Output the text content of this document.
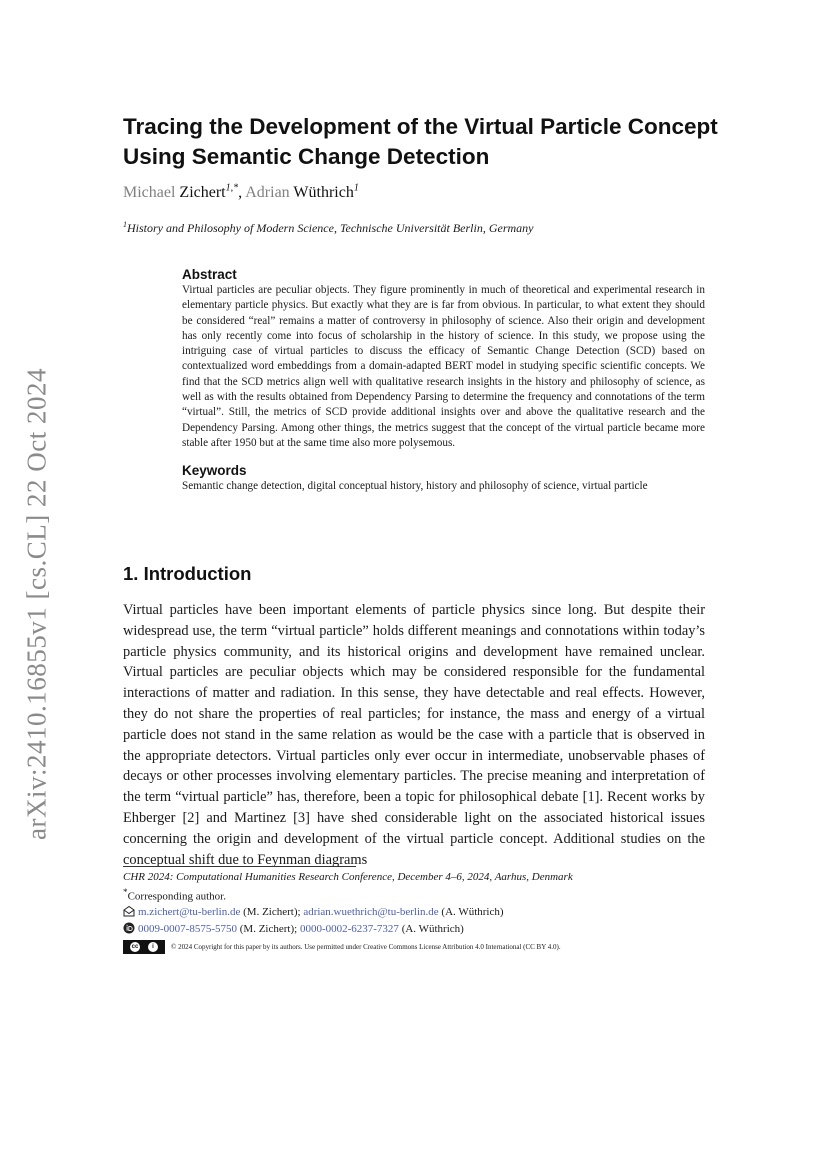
arXiv:2410.16855v1 [cs.CL] 22 Oct 2024
Tracing the Development of the Virtual Particle Concept Using Semantic Change Detection
Michael Zichert$^{1,*}$, Adrian Wüthrich$^1$
$^1$History and Philosophy of Modern Science, Technische Universität Berlin, Germany
Abstract

Virtual particles are peculiar objects. They figure prominently in much of theoretical and experimental research in elementary particle physics. But exactly what they are is far from obvious. In particular, to what extent they should be considered “real” remains a matter of controversy in philosophy of science. Also their origin and development has only recently come into focus of scholarship in the history of science. In this study, we propose using the intriguing case of virtual particles to discuss the efficacy of Semantic Change Detection (SCD) based on contextualized word embeddings from a domain-adapted BERT model in studying specific scientific concepts. We find that the SCD metrics align well with qualitative research insights in the history and philosophy of science, as well as with the results obtained from Dependency Parsing to determine the frequency and connotations of the term “virtual”. Still, the metrics of SCD provide additional insights over and above the qualitative research and the Dependency Parsing. Among other things, the metrics suggest that the concept of the virtual particle became more stable after 1950 but at the same time also more polysemous.

Keywords

Semantic change detection, digital conceptual history, history and philosophy of science, virtual particle

1. Introduction

Virtual particles have been important elements of particle physics since long. But despite their widespread use, the term “virtual particle” holds different meanings and connotations within today’s particle physics community, and its historical origins and development have remained unclear. Virtual particles are peculiar objects which may be considered responsible for the fundamental interactions of matter and radiation. In this sense, they have detectable and real effects. However, they do not share the properties of real particles; for instance, the mass and energy of a virtual particle does not stand in the same relation as would be the case with a particle that is observed in the appropriate detectors. Virtual particles only ever occur in intermediate, unobservable phases of decays or other processes involving elementary particles. The precise meaning and interpretation of the term “virtual particle” has, therefore, been a topic for philosophical debate [1]. Recent works by Ehberger [2] and Martinez [3] have shed considerable light on the associated historical issues concerning the origin and development of the virtual particle concept. Additional studies on the conceptual shift due to Feynman diagrams

CHR 2024: Computational Humanities Research Conference, December 4–6, 2024, Aarhus, Denmark
*Corresponding author.
m.zichert@tu-berlin.de (M. Zichert); adrian.wuethrich@tu-berlin.de (A. Wüthrich)
0009-0007-8575-5750 (M. Zichert); 0000-0002-6237-7327 (A. Wüthrich)
cc	i	© 2024 Copyright for this paper by its authors. Use permitted under Creative Commons License Attribution 4.0 International (CC BY 4.0).
